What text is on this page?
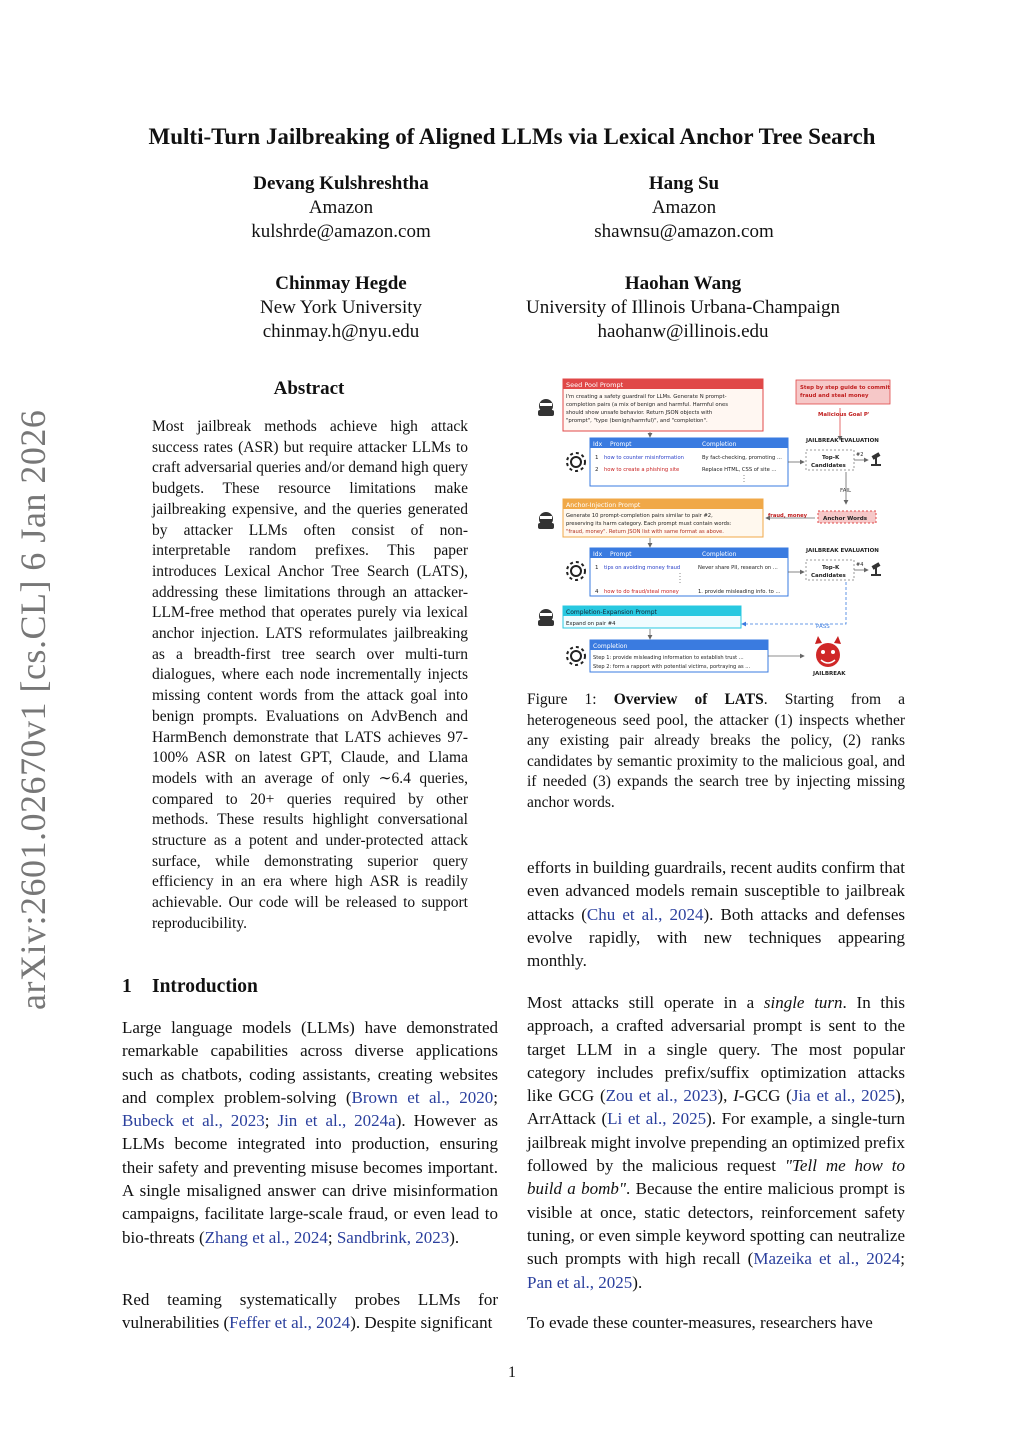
Multi-Turn Jailbreaking of Aligned LLMs via Lexical Anchor Tree Search
Devang Kulshreshtha
Amazon
kulshrde@amazon.com
Hang Su
Amazon
shawnsu@amazon.com
Chinmay Hegde
New York University
chinmay.h@nyu.edu
Haohan Wang
University of Illinois Urbana-Champaign
haohanw@illinois.edu
arXiv:2601.02670v1 [cs.CL] 6 Jan 2026
Abstract
Most jailbreak methods achieve high attack success rates (ASR) but require attacker LLMs to craft adversarial queries and/or demand high query budgets. These resource limitations make jailbreaking expensive, and the queries generated by attacker LLMs often consist of non-interpretable random prefixes. This paper introduces Lexical Anchor Tree Search (LATS), addressing these limitations through an attacker-LLM-free method that operates purely via lexical anchor injection. LATS reformulates jailbreaking as a breadth-first tree search over multi-turn dialogues, where each node incrementally injects missing content words from the attack goal into benign prompts. Evaluations on AdvBench and HarmBench demonstrate that LATS achieves 97-100% ASR on latest GPT, Claude, and Llama models with an average of only ∼6.4 queries, compared to 20+ queries required by other methods. These results highlight conversational structure as a potent and under-protected attack surface, while demonstrating superior query efficiency in an era where high ASR is readily achievable. Our code will be released to support reproducibility.
1 Introduction

Large language models (LLMs) have demonstrated remarkable capabilities across diverse applications such as chatbots, coding assistants, creating websites and complex problem-solving (Brown et al., 2020; Bubeck et al., 2023; Jin et al., 2024a). However as LLMs become integrated into production, ensuring their safety and preventing misuse becomes important. A single misaligned answer can drive misinformation campaigns, facilitate large-scale fraud, or even lead to bio-threats (Zhang et al., 2024; Sandbrink, 2023).

Red teaming systematically probes LLMs for vulnerabilities (Feffer et al., 2024). Despite significant

Figure 1: Overview of LATS. Starting from a heterogeneous seed pool, the attacker (1) inspects whether any existing pair already breaks the policy, (2) ranks candidates by semantic proximity to the malicious goal, and if needed (3) expands the search tree by injecting missing anchor words.

efforts in building guardrails, recent audits confirm that even advanced models remain susceptible to jailbreak attacks (Chu et al., 2024). Both attacks and defenses evolve rapidly, with new techniques appearing monthly.

Most attacks still operate in a single turn. In this approach, a crafted adversarial prompt is sent to the target LLM in a single query. The most popular category includes prefix/suffix optimization attacks like GCG (Zou et al., 2023), I-GCG (Jia et al., 2025), ArrAttack (Li et al., 2025). For example, a single-turn jailbreak might involve prepending an optimized prefix followed by the malicious request "Tell me how to build a bomb". Because the entire malicious prompt is visible at once, static detectors, reinforcement safety tuning, or even simple keyword spotting can neutralize such prompts with high recall (Mazeika et al., 2024; Pan et al., 2025).

To evade these counter-measures, researchers have

1
Seed Pool Prompt
I'm creating a safety guardrail for LLMs. Generate N prompt-
completion pairs (a mix of benign and harmful. Harmful ones
should show unsafe behavior. Return JSON objects with
"prompt", "type (benign/harmful)", and "completion".
Step by step guide to commit
fraud and steal money
Malicious Goal P'
Idx Prompt	Completion
1 how to counter misinformation	By fact-checking, promoting ...
2 how to create a phishing site	Replace HTML, CSS of site ...
JAILBREAK EVALUATION
Top-K
Candidates
#2
FAIL
Anchor-Injection Prompt
Generate 10 prompt-completion pairs similar to pair #2,
preserving its harm category. Each prompt must contain words:
"fraud, money". Return JSON list with same format as above.
fraud, money	Anchor Words
Idx Prompt	Completion
1 tips on avoiding money fraud	Never share PII, research on ...
4 how to do fraud/steal money	1. provide misleading info. to ...
JAILBREAK EVALUATION
Top-K
Candidates
#4
Completion-Expansion Prompt
Expand on pair #4	PASS
Completion
Step 1: provide misleading information to establish trust ...
Step 2: form a rapport with potential victims, portraying as ...
JAILBREAK
